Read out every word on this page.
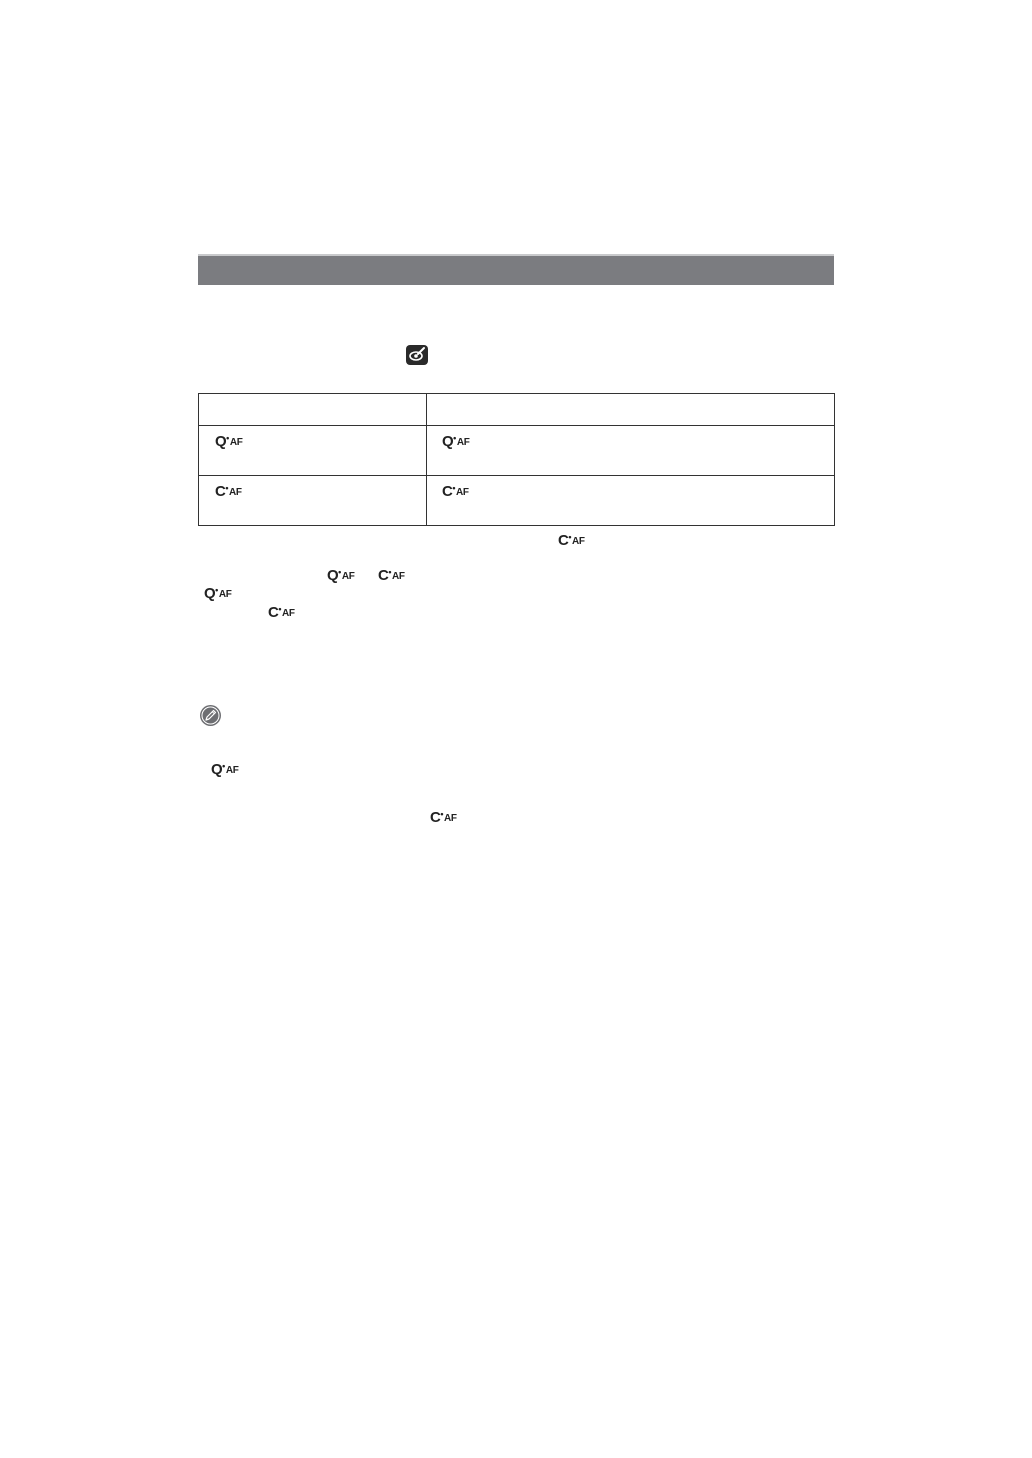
Q•AF	Q•AF

C•AF	C•AF
C•AF
Q•AF C•AF
Q•AF
C•AF
Q•AF
C•AF
